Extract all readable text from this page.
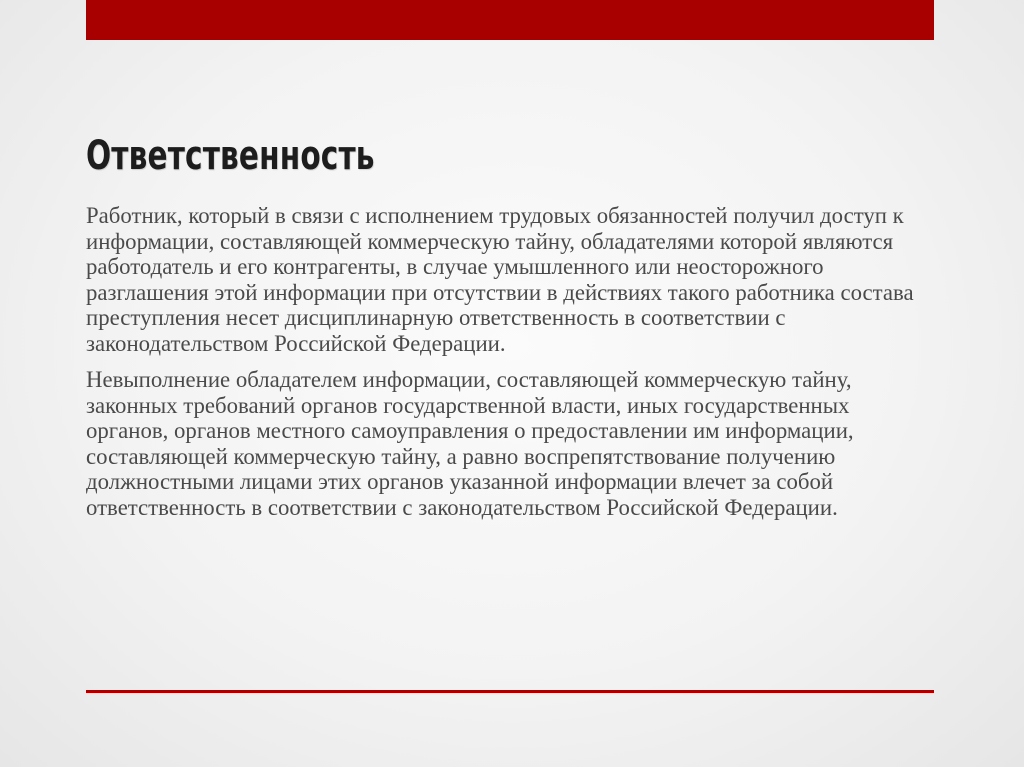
Ответственность

Работник, который в связи с исполнением трудовых обязанностей получил доступ к информации, составляющей коммерческую тайну, обладателями которой являются работодатель и его контрагенты, в случае умышленного или неосторожного разглашения этой информации при отсутствии в действиях такого работника состава преступления несет дисциплинарную ответственность в соответствии с законодательством Российской Федерации.

Невыполнение обладателем информации, составляющей коммерческую тайну, законных требований органов государственной власти, иных государственных органов, органов местного самоуправления о предоставлении им информации, составляющей коммерческую тайну, а равно воспрепятствование получению должностными лицами этих органов указанной информации влечет за собой ответственность в соответствии с законодательством Российской Федерации.
